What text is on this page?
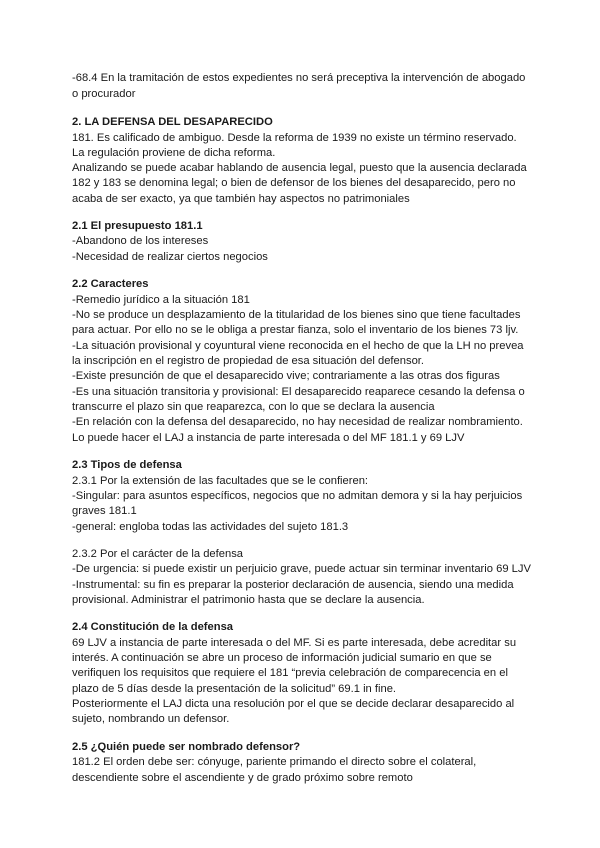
-68.4 En la tramitación de estos expedientes no será preceptiva la intervención de abogado
o procurador
2. LA DEFENSA DEL DESAPARECIDO
181. Es calificado de ambiguo. Desde la reforma de 1939 no existe un término reservado.
La regulación proviene de dicha reforma.
Analizando se puede acabar hablando de ausencia legal, puesto que la ausencia declarada
182 y 183 se denomina legal; o bien de defensor de los bienes del desaparecido, pero no
acaba de ser exacto, ya que también hay aspectos no patrimoniales
2.1 El presupuesto 181.1
-Abandono de los intereses
-Necesidad de realizar ciertos negocios
2.2 Caracteres
-Remedio jurídico a la situación 181
-No se produce un desplazamiento de la titularidad de los bienes sino que tiene facultades
para actuar. Por ello no se le obliga a prestar fianza, solo el inventario de los bienes 73 ljv.
-La situación provisional y coyuntural viene reconocida en el hecho de que la LH no prevea
la inscripción en el registro de propiedad de esa situación del defensor.
-Existe presunción de que el desaparecido vive; contrariamente a las otras dos figuras
-Es una situación transitoria y provisional: El desaparecido reaparece cesando la defensa o
transcurre el plazo sin que reaparezca, con lo que se declara la ausencia
-En relación con la defensa del desaparecido, no hay necesidad de realizar nombramiento.
Lo puede hacer el LAJ a instancia de parte interesada o del MF 181.1 y 69 LJV
2.3 Tipos de defensa
2.3.1 Por la extensión de las facultades que se le confieren:
-Singular: para asuntos específicos, negocios que no admitan demora y si la hay perjuicios
graves 181.1
-general: engloba todas las actividades del sujeto 181.3
2.3.2 Por el carácter de la defensa
-De urgencia: si puede existir un perjuicio grave, puede actuar sin terminar inventario 69 LJV
-Instrumental: su fin es preparar la posterior declaración de ausencia, siendo una medida
provisional. Administrar el patrimonio hasta que se declare la ausencia.
2.4 Constitución de la defensa
69 LJV a instancia de parte interesada o del MF. Si es parte interesada, debe acreditar su
interés. A continuación se abre un proceso de información judicial sumario en que se
verifiquen los requisitos que requiere el 181 “previa celebración de comparecencia en el
plazo de 5 días desde la presentación de la solicitud” 69.1 in fine.
Posteriormente el LAJ dicta una resolución por el que se decide declarar desaparecido al
sujeto, nombrando un defensor.
2.5 ¿Quién puede ser nombrado defensor?
181.2 El orden debe ser: cónyuge, pariente primando el directo sobre el colateral,
descendiente sobre el ascendiente y de grado próximo sobre remoto
